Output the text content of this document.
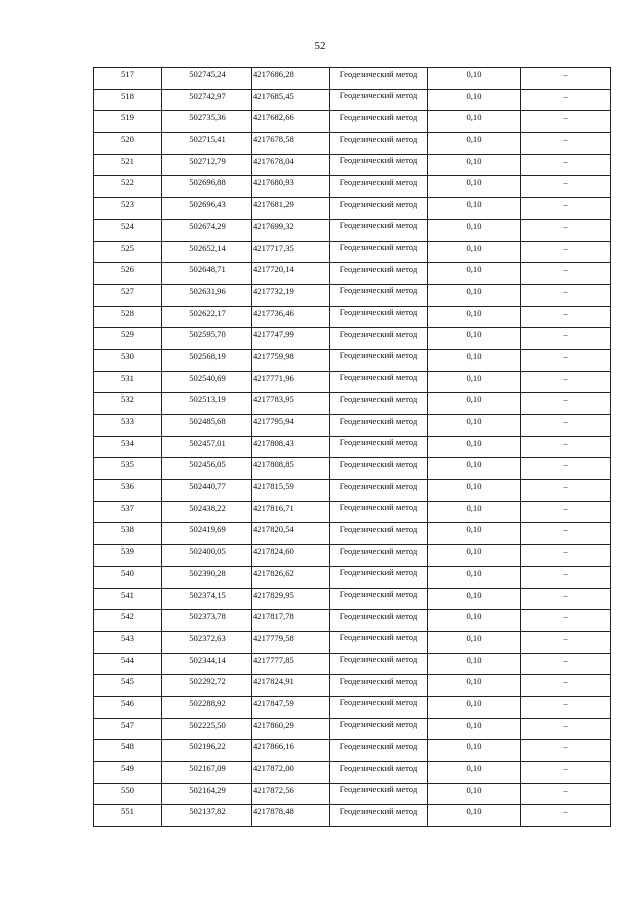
52
517	502745,24	4217686,28	Геодезический метод	0,10	–
518	502742,97	4217685,45	Геодезический метод	0,10	–
519	502735,36	4217682,66	Геодезический метод	0,10	–
520	502715,41	4217678,58	Геодезический метод	0,10	–
521	502712,79	4217678,04	Геодезический метод	0,10	–
522	502696,88	4217680,93	Геодезический метод	0,10	–
523	502696,43	4217681,29	Геодезический метод	0,10	–
524	502674,29	4217699,32	Геодезический метод	0,10	–
525	502652,14	4217717,35	Геодезический метод	0,10	–
526	502648,71	4217720,14	Геодезический метод	0,10	–
527	502631,96	4217732,19	Геодезический метод	0,10	–
528	502622,17	4217736,46	Геодезический метод	0,10	–
529	502595,70	4217747,99	Геодезический метод	0,10	–
530	502568,19	4217759,98	Геодезический метод	0,10	–
531	502540,69	4217771,96	Геодезический метод	0,10	–
532	502513,19	4217783,95	Геодезический метод	0,10	–
533	502485,68	4217795,94	Геодезический метод	0,10	–
534	502457,01	4217808,43	Геодезический метод	0,10	–
535	502456,05	4217808,85	Геодезический метод	0,10	–
536	502440,77	4217815,59	Геодезический метод	0,10	–
537	502438,22	4217816,71	Геодезический метод	0,10	–
538	502419,69	4217820,54	Геодезический метод	0,10	–
539	502400,05	4217824,60	Геодезический метод	0,10	–
540	502390,28	4217826,62	Геодезический метод	0,10	–
541	502374,15	4217829,95	Геодезический метод	0,10	–
542	502373,78	4217817,78	Геодезический метод	0,10	–
543	502372,63	4217779,58	Геодезический метод	0,10	–
544	502344,14	4217777,85	Геодезический метод	0,10	–
545	502292,72	4217824,91	Геодезический метод	0,10	–
546	502288,92	4217847,59	Геодезический метод	0,10	–
547	502225,50	4217860,29	Геодезический метод	0,10	–
548	502196,22	4217866,16	Геодезический метод	0,10	–
549	502167,09	4217872,00	Геодезический метод	0,10	–
550	502164,29	4217872,56	Геодезический метод	0,10	–
551	502137,82	4217878,48	Геодезический метод	0,10	–
